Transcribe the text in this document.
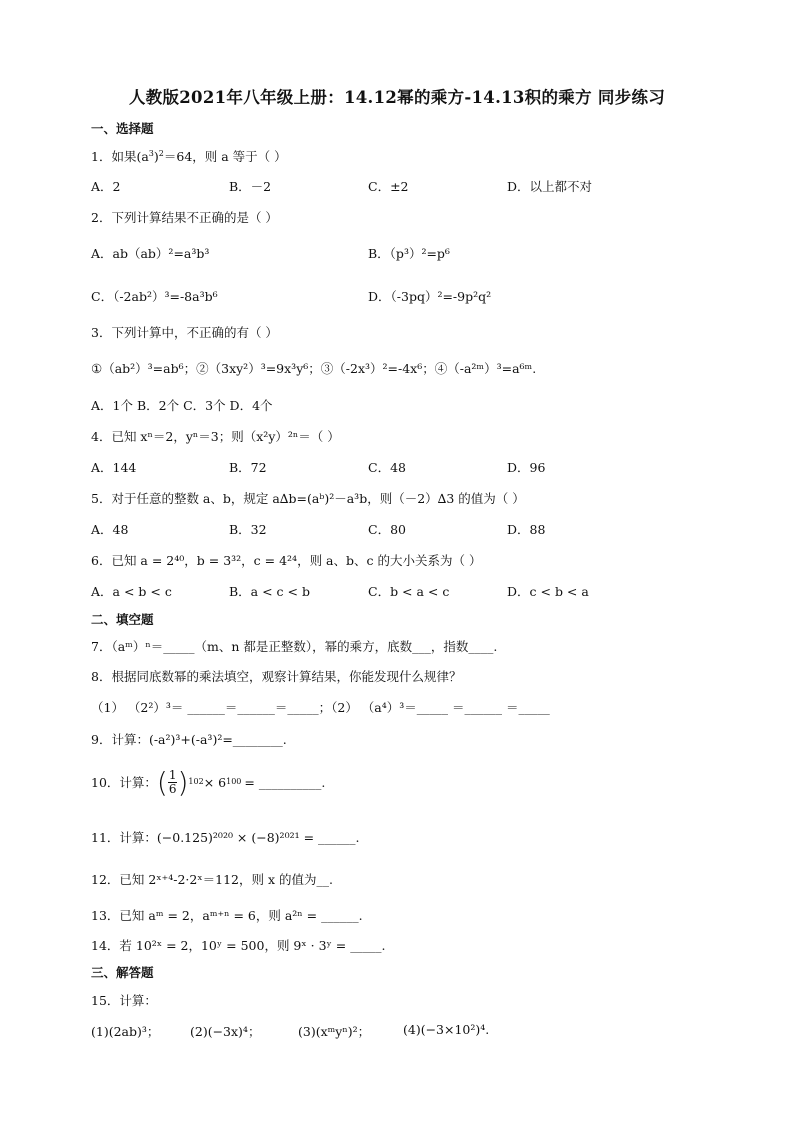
人教版2021年八年级上册：14.12幂的乘方-14.13积的乘方 同步练习
一、选择题
1．如果$(a^3)^2=64$，则 a 等于（ ）
A．2	B．－2	C．±2	D．以上都不对
2．下列计算结果不正确的是（ ）
A．ab（ab）²=a³b³	B．（p³）²=p⁶
C．（-2ab²）³=-8a³b⁶	D．（-3pq）²=-9p²q²
3．下列计算中，不正确的有（ ）
①（ab²）³=ab⁶；②（3xy²）³=9x³y⁶；③（-2x³）²=-4x⁶；④（-a²ᵐ）³=a⁶ᵐ.
A．1个 B．2个 C．3个 D．4个
4．已知 xⁿ＝2，yⁿ＝3；则（x²y）²ⁿ＝（ ）
A．144	B．72	C．48	D．96
5．对于任意的整数 a、b，规定 a∆b=(aᵇ)²－a³b，则（－2）∆3 的值为（ ）
A．48	B．32	C．80	D．88
6．已知 a = 2⁴⁰，b = 3³²，c = 4²⁴，则 a、b、c 的大小关系为（ ）
A．a < b < c	B．a < c < b	C．b < a < c	D．c < b < a
二、填空题
7．（aᵐ）ⁿ＝_____（m、n 都是正整数），幂的乘方，底数___，指数____.
8．根据同底数幂的乘法填空，观察计算结果，你能发现什么规律？
（1） （2²）³＝ ______＝______＝_____；（2） （a⁴）³＝_____ ＝______ ＝_____
9．计算：(-a²)³+(-a³)²=________.
10．计算： ( $\frac{1}{6}$ ) 102 × 6 100 = __________.
11．计算：(−0.125)²⁰²⁰ × (−8)²⁰²¹ = ______.
12．已知 2ˣ⁺⁴-2·2ˣ＝112，则 x 的值为__.
13．已知 aᵐ = 2，aᵐ⁺ⁿ = 6，则 a²ⁿ = ______.
14．若 10²ˣ = 2，10ʸ = 500，则 9ˣ · 3ʸ = _____.
三、解答题
15．计算：
(1)(2ab)³； (2)(−3x)⁴；	(3)(xᵐyⁿ)²；	(4)(−3×10²)⁴.
